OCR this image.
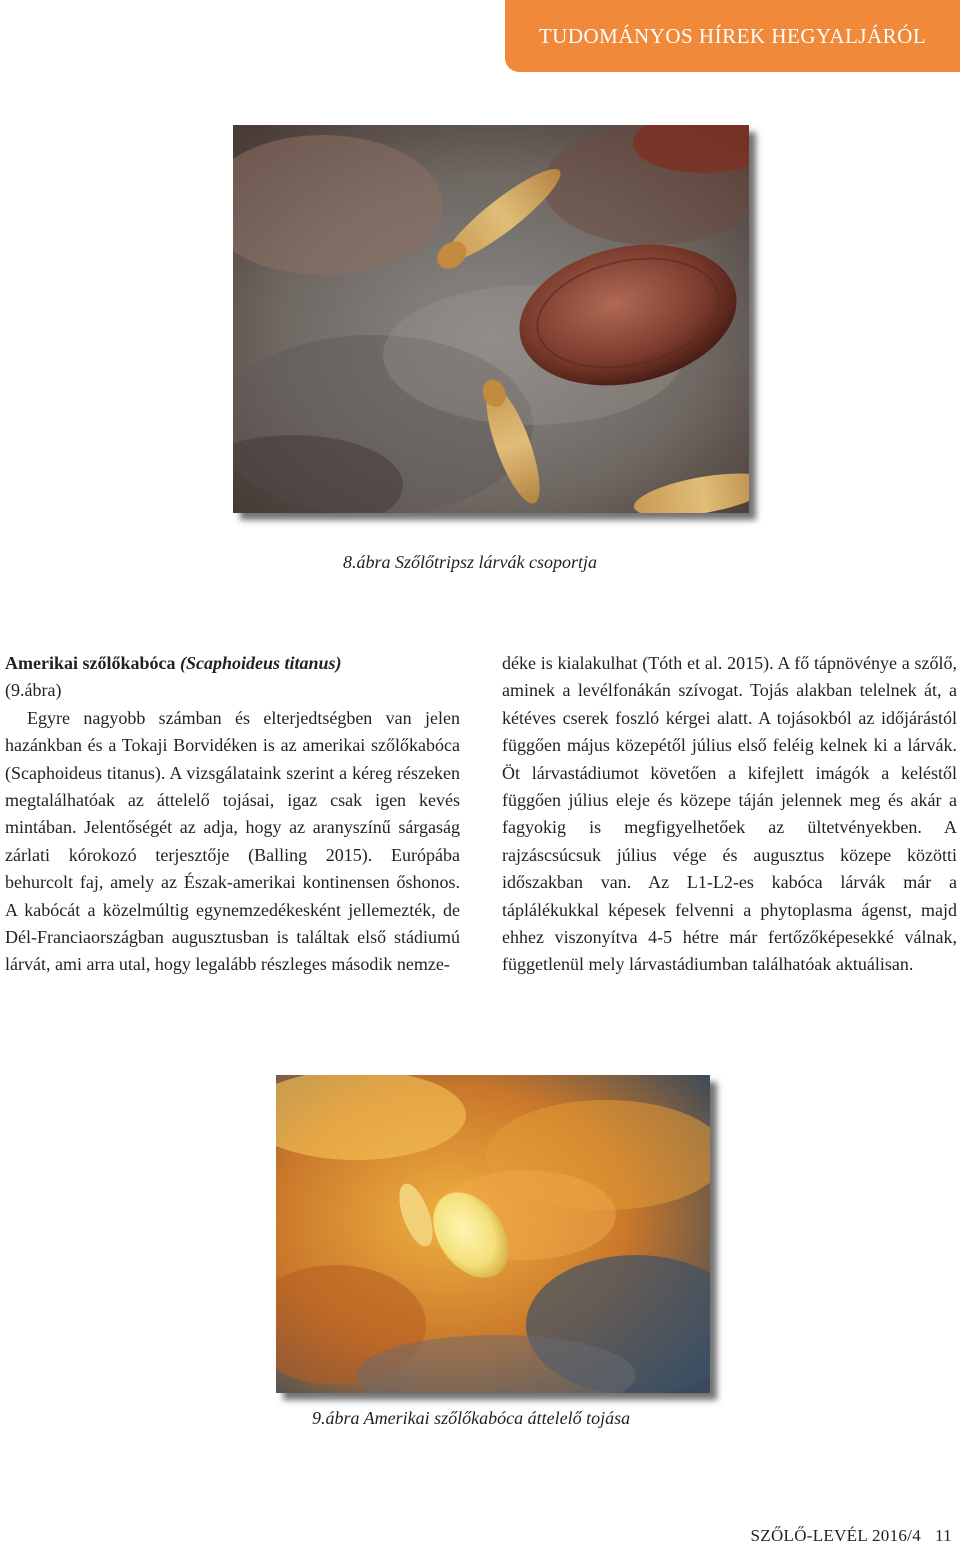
TUDOMÁNYOS HÍREK HEGYALJÁRÓL
8.ábra Szőlőtripsz lárvák csoportja
Amerikai szőlőkabóca (Scaphoideus titanus)
(9.ábra)

Egyre nagyobb számban és elterjedtségben van jelen hazánkban és a Tokaji Borvidéken is az amerikai szőlőkabóca (Scaphoideus titanus). A vizsgálataink szerint a kéreg részeken megtalálhatóak az áttelelő tojásai, igaz csak igen kevés mintában. Jelentőségét az adja, hogy az aranyszínű sárgaság zárlati kórokozó terjesztője (Balling 2015). Európába behurcolt faj, amely az Észak-amerikai kontinensen őshonos. A kabócát a közelmúltig egynemzedékesként jellemezték, de Dél-Franciaországban augusztusban is találtak első stádiumú lárvát, ami arra utal, hogy legalább részleges második nemze-

déke is kialakulhat (Tóth et al. 2015). A fő tápnövénye a szőlő, aminek a levélfonákán szívogat. Tojás alakban telelnek át, a kétéves cserek foszló kérgei alatt. A tojásokból az időjárástól függően május közepétől július első feléig kelnek ki a lárvák. Öt lárvastádiumot követően a kifejlett imágók a keléstől függően július eleje és közepe táján jelennek meg és akár a fagyokig is megfigyelhetőek az ültetvényekben. A rajzáscsúcsuk július vége és augusztus közepe közötti időszakban van. Az L1-L2-es kabóca lárvák már a táplálékukkal képesek felvenni a phytoplasma ágenst, majd ehhez viszonyítva 4-5 hétre már fertőzőképesekké válnak, függetlenül mely lárvastádiumban találhatóak aktuálisan.

9.ábra Amerikai szőlőkabóca áttelelő tojása
SZŐLŐ-LEVÉL 2016/4 11
